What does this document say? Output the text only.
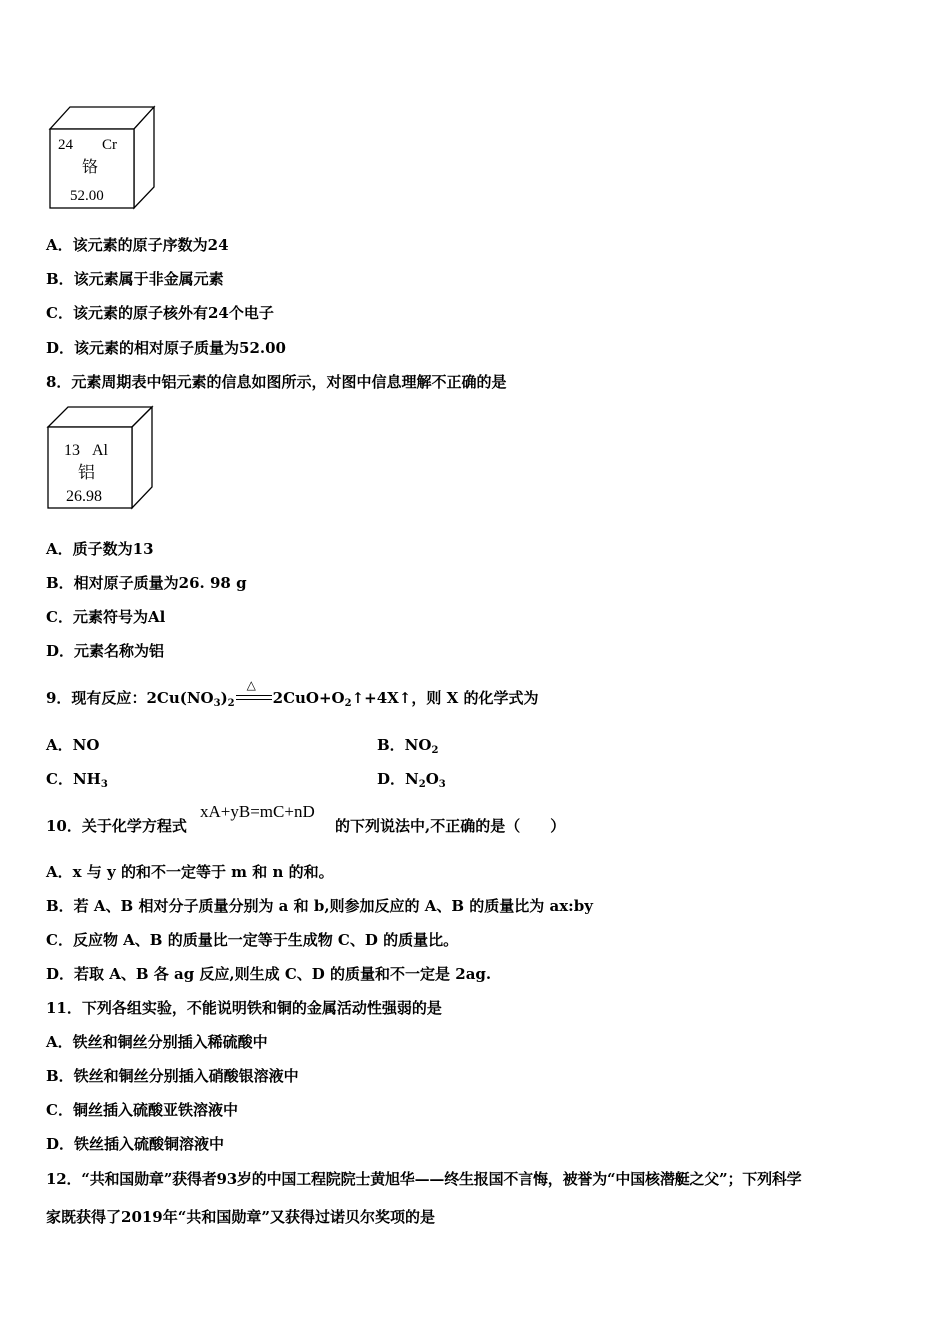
24 Cr
铬
52.00
A．该元素的原子序数为24
B．该元素属于非金属元素
C．该元素的原子核外有24个电子
D．该元素的相对原子质量为52.00
8．元素周期表中铝元素的信息如图所示，对图中信息理解不正确的是
13 Al
铝
26.98
A．质子数为13
B．相对原子质量为26. 98 g
C．元素符号为Al
D．元素名称为铝
9．现有反应：$2Cu(NO_3)_2$
△
$2CuO+O_2↑+4X↑$，则 X 的化学式为
A．NO	B．$NO_2$
C．$NH_3$	D．$N_2O_3$
10．关于化学方程式
xA+yB=mC+nD
的下列说法中,不正确的是（　　）
A．x 与 y 的和不一定等于 m 和 n 的和。
B．若 A、B 相对分子质量分别为 a 和 b,则参加反应的 A、B 的质量比为 ax:by
C．反应物 A、B 的质量比一定等于生成物 C、D 的质量比。
D．若取 A、B 各 ag 反应,则生成 C、D 的质量和不一定是 2ag.
11．下列各组实验，不能说明铁和铜的金属活动性强弱的是
A．铁丝和铜丝分别插入稀硫酸中
B．铁丝和铜丝分别插入硝酸银溶液中
C．铜丝插入硫酸亚铁溶液中
D．铁丝插入硫酸铜溶液中
12．“共和国勋章”获得者93岁的中国工程院院士黄旭华——终生报国不言悔，被誉为“中国核潜艇之父”；下列科学
家既获得了2019年“共和国勋章”又获得过诺贝尔奖项的是
